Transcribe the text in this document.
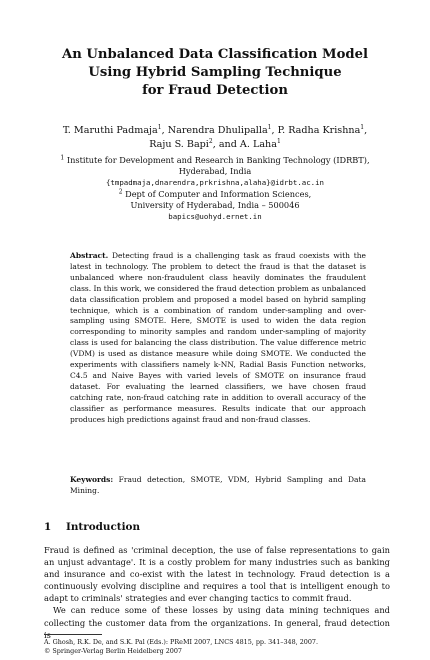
An Unbalanced Data Classification Model
Using Hybrid Sampling Technique
for Fraud Detection
T. Maruthi Padmaja$^1$, Narendra Dhulipalla$^1$, P. Radha Krishna$^1$,
Raju S. Bapi$^2$, and A. Laha$^1$
$^1$ Institute for Development and Research in Banking Technology (IDRBT),
Hyderabad, India
{tmpadmaja,dnarendra,prkrishna,alaha}@idrbt.ac.in
$^2$ Dept of Computer and Information Sciences,
University of Hyderabad, India – 500046
bapics@uohyd.ernet.in
Abstract. Detecting fraud is a challenging task as fraud coexists with the latest in technology. The problem to detect the fraud is that the dataset is unbalanced where non-fraudulent class heavily dominates the fraudulent class. In this work, we considered the fraud detection problem as unbalanced data classification problem and proposed a model based on hybrid sampling technique, which is a combination of random under-sampling and over-sampling using SMOTE. Here, SMOTE is used to widen the data region corresponding to minority samples and random under-sampling of majority class is used for balancing the class distribution. The value difference metric (VDM) is used as distance measure while doing SMOTE. We conducted the experiments with classifiers namely k-NN, Radial Basis Function networks, C4.5 and Naive Bayes with varied levels of SMOTE on insurance fraud dataset. For evaluating the learned classifiers, we have chosen fraud catching rate, non-fraud catching rate in addition to overall accuracy of the classifier as performance measures. Results indicate that our approach produces high predictions against fraud and non-fraud classes.
Keywords: Fraud detection, SMOTE, VDM, Hybrid Sampling and Data Mining.
1 Introduction

Fraud is defined as 'criminal deception, the use of false representations to gain an unjust advantage'. It is a costly problem for many industries such as banking and insurance and co-exist with the latest in technology. Fraud detection is a continuously evolving discipline and requires a tool that is intelligent enough to adapt to criminals' strategies and ever changing tactics to commit fraud.

We can reduce some of these losses by using data mining techniques and collecting the customer data from the organizations. In general, fraud detection is

A. Ghosh, R.K. De, and S.K. Pal (Eds.): PReMI 2007, LNCS 4815, pp. 341–348, 2007.
© Springer-Verlag Berlin Heidelberg 2007
